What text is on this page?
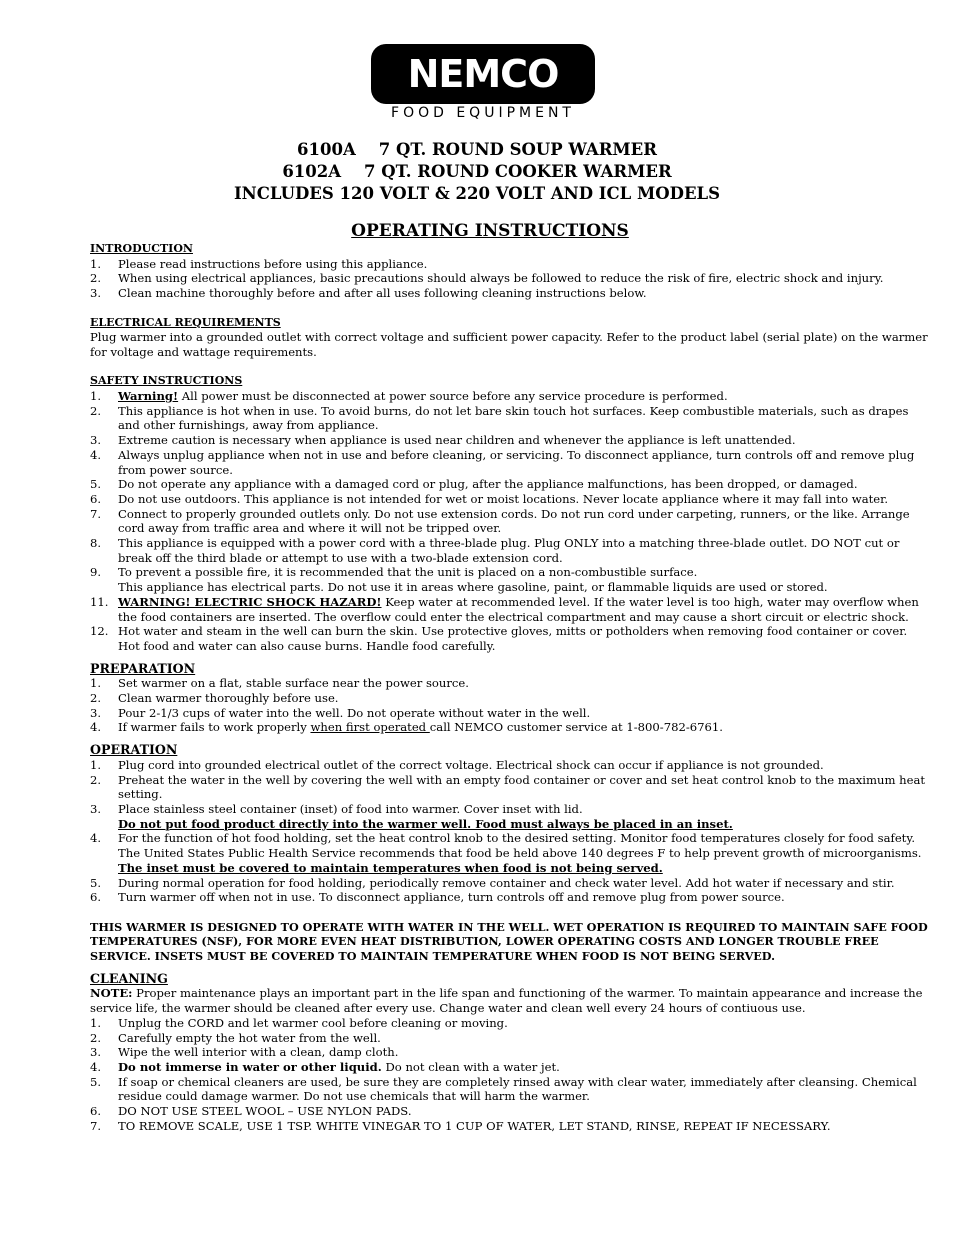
NEMCO
FOOD EQUIPMENT
6100A    7 QT. ROUND SOUP WARMER
6102A    7 QT. ROUND COOKER WARMER
INCLUDES 120 VOLT & 220 VOLT AND ICL MODELS
OPERATING INSTRUCTIONS
INTRODUCTION
1. Please read instructions before using this appliance.
2. When using electrical appliances, basic precautions should always be followed to reduce the risk of fire, electric shock and injury.
3. Clean machine thoroughly before and after all uses following cleaning instructions below.
ELECTRICAL REQUIREMENTS
Plug warmer into a grounded outlet with correct voltage and sufficient power capacity. Refer to the product label (serial plate) on the warmer for voltage and wattage requirements.
SAFETY INSTRUCTIONS
1. Warning! All power must be disconnected at power source before any service procedure is performed.
2. This appliance is hot when in use. To avoid burns, do not let bare skin touch hot surfaces. Keep combustible materials, such as drapes and other furnishings, away from appliance.
3. Extreme caution is necessary when appliance is used near children and whenever the appliance is left unattended.
4. Always unplug appliance when not in use and before cleaning, or servicing. To disconnect appliance, turn controls off and remove plug from power source.
5. Do not operate any appliance with a damaged cord or plug, after the appliance malfunctions, has been dropped, or damaged.
6. Do not use outdoors. This appliance is not intended for wet or moist locations. Never locate appliance where it may fall into water.
7. Connect to properly grounded outlets only. Do not use extension cords. Do not run cord under carpeting, runners, or the like. Arrange cord away from traffic area and where it will not be tripped over.
8. This appliance is equipped with a power cord with a three-blade plug. Plug ONLY into a matching three-blade outlet. DO NOT cut or break off the third blade or attempt to use with a two-blade extension cord.
9. To prevent a possible fire, it is recommended that the unit is placed on a non-combustible surface.
This appliance has electrical parts. Do not use it in areas where gasoline, paint, or flammable liquids are used or stored.
11. WARNING! ELECTRIC SHOCK HAZARD! Keep water at recommended level. If the water level is too high, water may overflow when the food containers are inserted. The overflow could enter the electrical compartment and may cause a short circuit or electric shock.
12. Hot water and steam in the well can burn the skin. Use protective gloves, mitts or potholders when removing food container or cover. Hot food and water can also cause burns. Handle food carefully.
PREPARATION
1. Set warmer on a flat, stable surface near the power source.
2. Clean warmer thoroughly before use.
3. Pour 2-1/3 cups of water into the well. Do not operate without water in the well.
4. If warmer fails to work properly when first operated call NEMCO customer service at 1-800-782-6761.
OPERATION
1. Plug cord into grounded electrical outlet of the correct voltage. Electrical shock can occur if appliance is not grounded.
2. Preheat the water in the well by covering the well with an empty food container or cover and set heat control knob to the maximum heat setting.
3. Place stainless steel container (inset) of food into warmer. Cover inset with lid.
Do not put food product directly into the warmer well. Food must always be placed in an inset.
4. For the function of hot food holding, set the heat control knob to the desired setting. Monitor food temperatures closely for food safety. The United States Public Health Service recommends that food be held above 140 degrees F to help prevent growth of microorganisms. The inset must be covered to maintain temperatures when food is not being served.
5. During normal operation for food holding, periodically remove container and check water level. Add hot water if necessary and stir.
6. Turn warmer off when not in use. To disconnect appliance, turn controls off and remove plug from power source.
THIS WARMER IS DESIGNED TO OPERATE WITH WATER IN THE WELL. WET OPERATION IS REQUIRED TO MAINTAIN SAFE FOOD TEMPERATURES (NSF), FOR MORE EVEN HEAT DISTRIBUTION, LOWER OPERATING COSTS AND LONGER TROUBLE FREE SERVICE. INSETS MUST BE COVERED TO MAINTAIN TEMPERATURE WHEN FOOD IS NOT BEING SERVED.
CLEANING
NOTE: Proper maintenance plays an important part in the life span and functioning of the warmer. To maintain appearance and increase the service life, the warmer should be cleaned after every use. Change water and clean well every 24 hours of contiuous use.
1. Unplug the CORD and let warmer cool before cleaning or moving.
2. Carefully empty the hot water from the well.
3. Wipe the well interior with a clean, damp cloth.
4. Do not immerse in water or other liquid. Do not clean with a water jet.
5. If soap or chemical cleaners are used, be sure they are completely rinsed away with clear water, immediately after cleansing. Chemical residue could damage warmer. Do not use chemicals that will harm the warmer.
6. DO NOT USE STEEL WOOL – USE NYLON PADS.
7. TO REMOVE SCALE, USE 1 TSP. WHITE VINEGAR TO 1 CUP OF WATER, LET STAND, RINSE, REPEAT IF NECESSARY.
